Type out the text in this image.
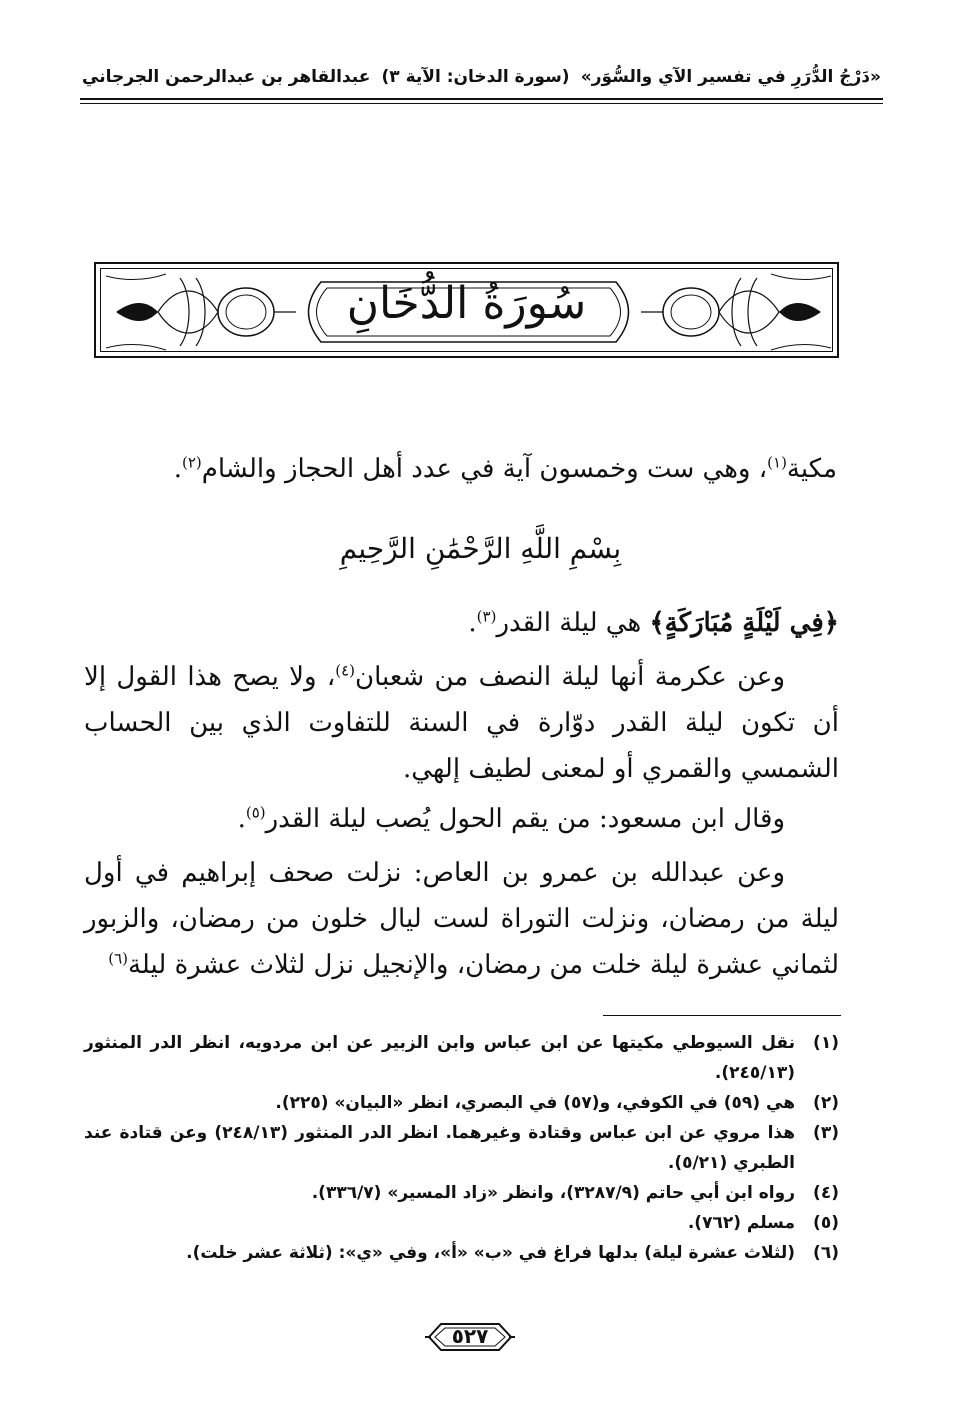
«دَرْجُ الدُّرَرِ في تفسير الآي والسُّوَر»
(سورة الدخان: الآية ٣)
عبدالقاهر بن عبدالرحمن الجرجاني
سُورَةُ الدُّخَانِ
مكية$^{(١)}$، وهي ست وخمسون آية في عدد أهل الحجاز والشام$^{(٢)}$.
بِسْمِ اللَّهِ الرَّحْمَٰنِ الرَّحِيمِ
﴿فِي لَيْلَةٍ مُبَارَكَةٍ﴾ هي ليلة القدر$^{(٣)}$.
وعن عكرمة أنها ليلة النصف من شعبان$^{(٤)}$، ولا يصح هذا القول إلا أن تكون ليلة القدر دوّارة في السنة للتفاوت الذي بين الحساب الشمسي والقمري أو لمعنى لطيف إلهي.
وقال ابن مسعود: من يقم الحول يُصب ليلة القدر$^{(٥)}$.
وعن عبدالله بن عمرو بن العاص: نزلت صحف إبراهيم في أول ليلة من رمضان، ونزلت التوراة لست ليال خلون من رمضان، والزبور لثماني عشرة ليلة خلت من رمضان، والإنجيل نزل لثلاث عشرة ليلة$^{(٦)}$
(١)
نقل السيوطي مكيتها عن ابن عباس وابن الزبير عن ابن مردويه، انظر الدر المنثور (٢٤٥/١٣).
(٢)
هي (٥٩) في الكوفي، و(٥٧) في البصري، انظر «البيان» (٢٢٥).
(٣)
هذا مروي عن ابن عباس وقتادة وغيرهما. انظر الدر المنثور (٢٤٨/١٣) وعن قتادة عند الطبري (٥/٢١).
(٤)
رواه ابن أبي حاتم (٣٢٨٧/٩)، وانظر «زاد المسير» (٣٣٦/٧).
(٥)
مسلم (٧٦٢).
(٦)
(لثلاث عشرة ليلة) بدلها فراغ في «ب» «أ»، وفي «ي»: (ثلاثة عشر خلت).
٥٢٧
